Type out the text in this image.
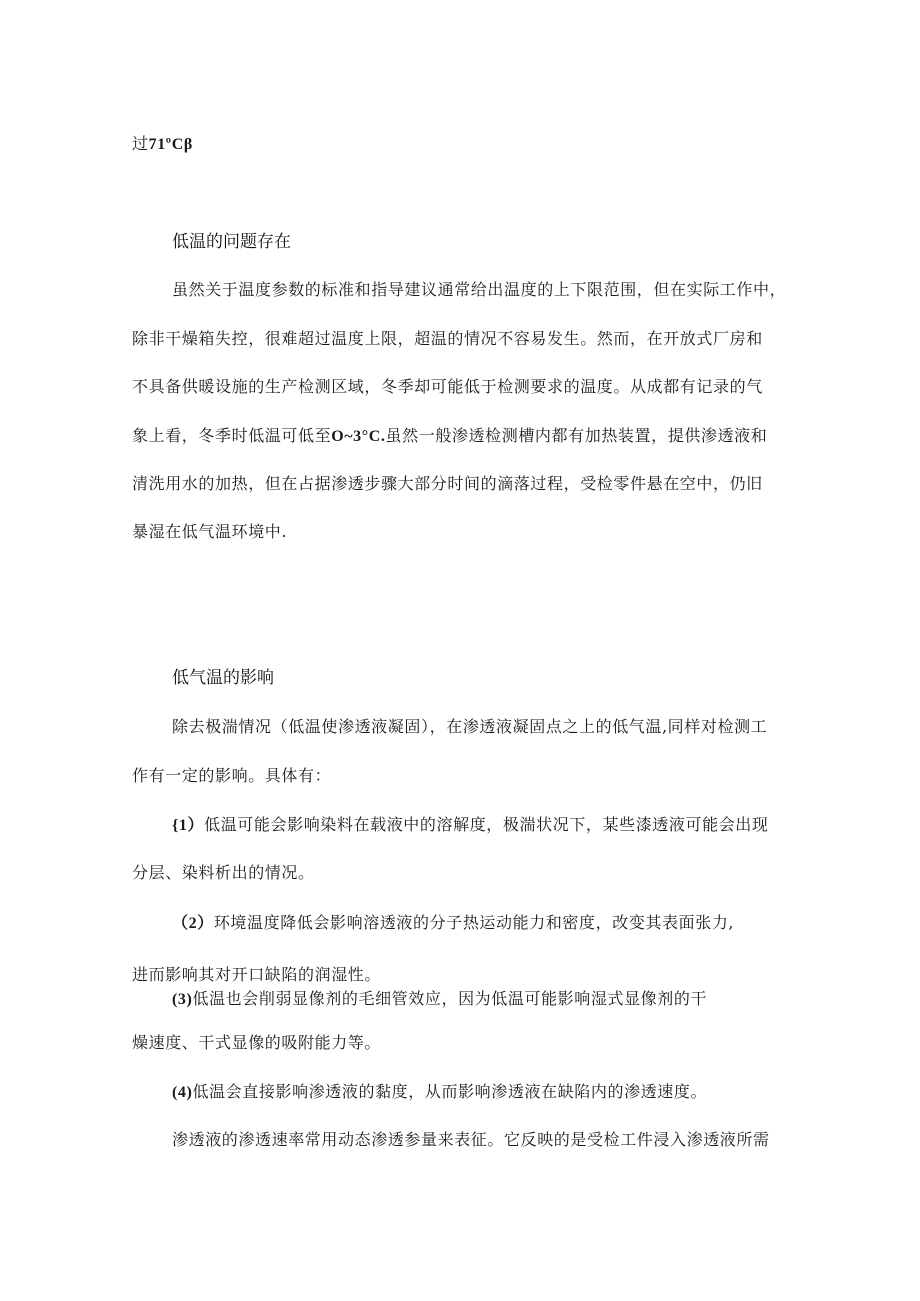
过71ºCβ
低温的问题存在
虽然关于温度参数的标准和指导建议通常给出温度的上下限范围，但在实际工作中，
除非干燥箱失控，很难超过温度上限，超温的情况不容易发生。然而，在开放式厂房和
不具备供暖设施的生产检测区域，冬季却可能低于检测要求的温度。从成都有记录的气
象上看，冬季时低温可低至O~3°C.虽然一般渗透检测槽内都有加热装置，提供渗透液和
清洗用水的加热，但在占据渗透步骤大部分时间的滴落过程，受检零件悬在空中，仍旧
暴湿在低气温环境中.
低气温的影响
除去极湍情况（低温使渗透液凝固），在渗透液凝固点之上的低气温,同样对检测工
作有一定的影响。具体有：
{1）低温可能会影响染料在载液中的溶解度，极湍状况下，某些漆透液可能会出现
分层、染料析出的情况。
（2）环境温度降低会影响溶透液的分子热运动能力和密度，改变其表面张力,
进而影响其对开口缺陷的润湿性。
(3)低温也会削弱显像剂的毛细管效应，因为低温可能影响湿式显像剂的干
燥速度、干式显像的吸附能力等。
(4)低温会直接影响渗透液的黏度，从而影响渗透液在缺陷内的渗透速度。
渗透液的渗透速率常用动态渗透参量来表征。它反映的是受检工件浸入渗透液所需
